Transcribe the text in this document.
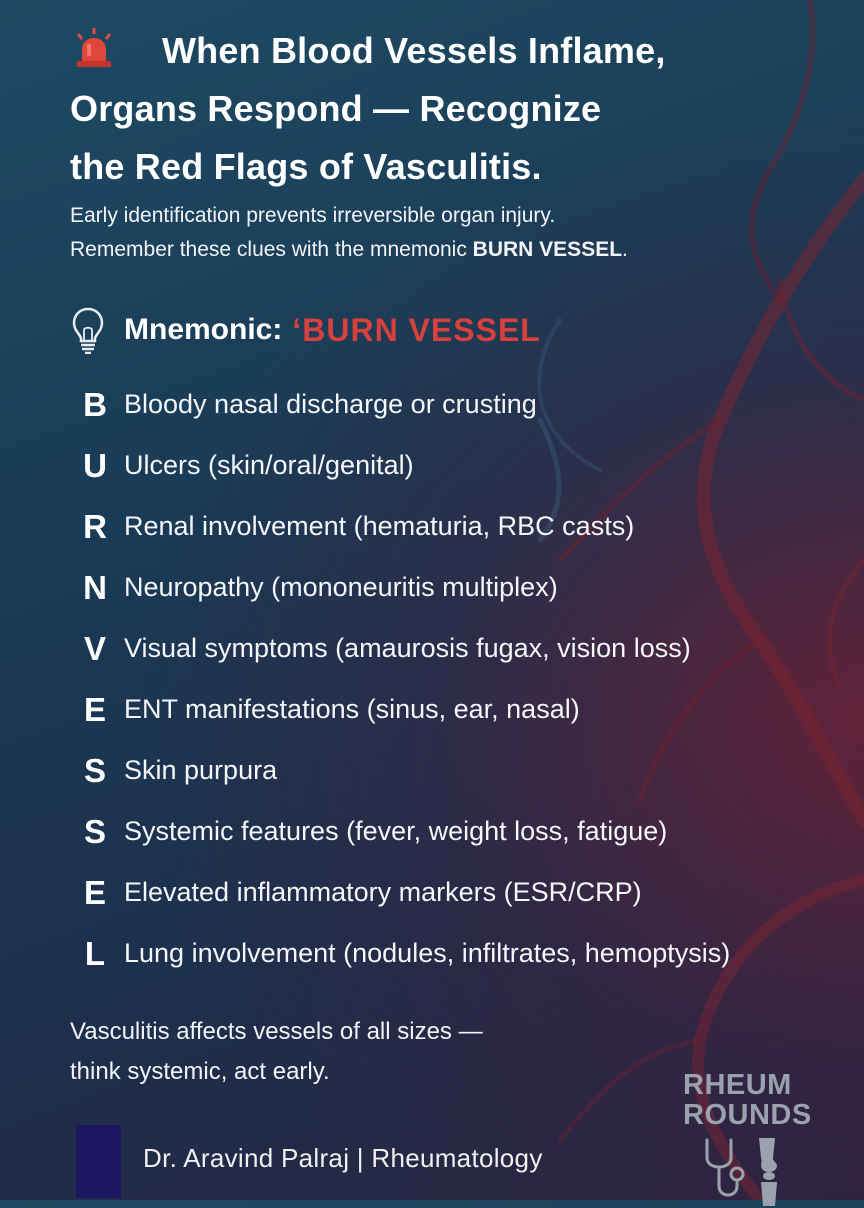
When Blood Vessels Inflame,
Organs Respond — Recognize
the Red Flags of Vasculitis.
Early identification prevents irreversible organ injury.
Remember these clues with the mnemonic BURN VESSEL.
Mnemonic: ‘BURN VESSEL
B Bloody nasal discharge or crusting
U Ulcers (skin/oral/genital)
R Renal involvement (hematuria, RBC casts)
N Neuropathy (mononeuritis multiplex)
V Visual symptoms (amaurosis fugax, vision loss)
E ENT manifestations (sinus, ear, nasal)
S Skin purpura
S Systemic features (fever, weight loss, fatigue)
E Elevated inflammatory markers (ESR/CRP)
L Lung involvement (nodules, infiltrates, hemoptysis)
Vasculitis affects vessels of all sizes —
think systemic, act early.
Dr. Aravind Palraj | Rheumatology
RHEUM
ROUNDS
